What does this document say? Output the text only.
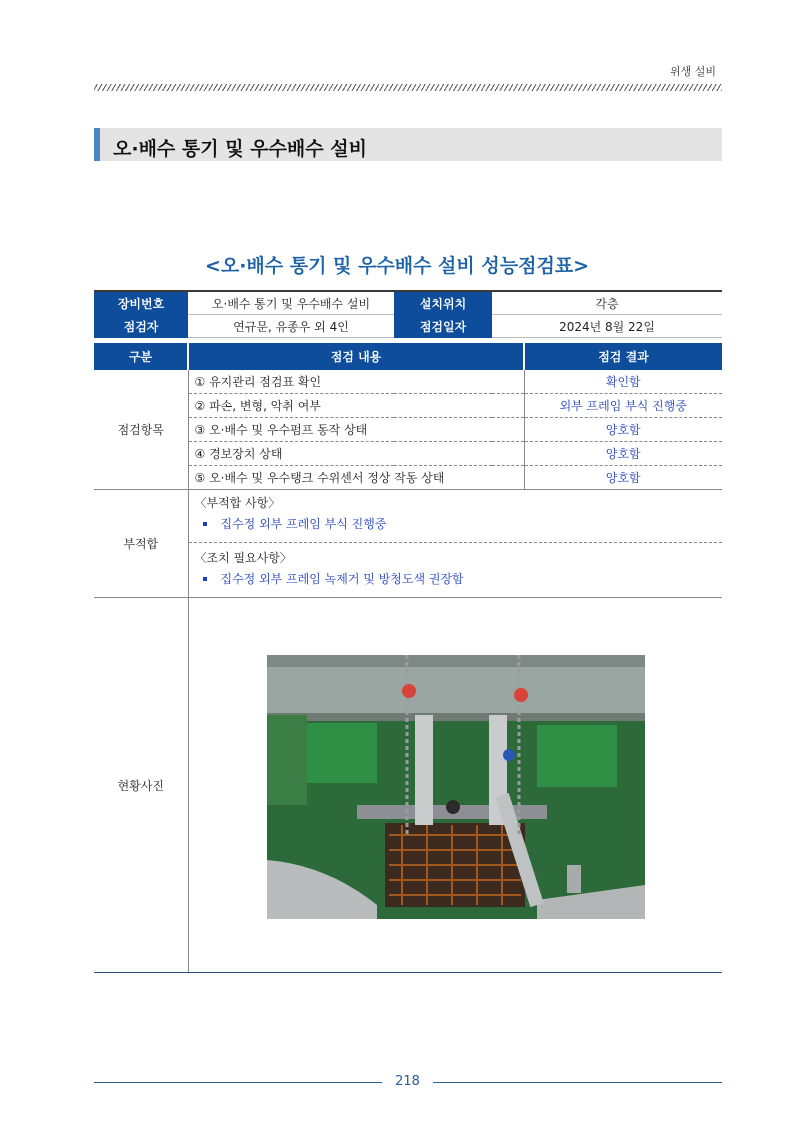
위생 설비
오·배수 통기 및 우수배수 설비
<오·배수 통기 및 우수배수 설비 성능점검표>
장비번호	오·배수 통기 및 우수배수 설비	설치위치	각층	
점검자	연규문, 유종우 외 4인	점검일자	2024년 8월 22일	

구분	점검 내용			점검 결과
점검항목	① 유지관리 점검표 확인			확인함
	② 파손, 변형, 악취 여부			외부 프레임 부식 진행중
	③ 오·배수 및 우수펌프 동작 상태			양호함
	④ 경보장치 상태			양호함
	⑤ 오·배수 및 우수탱크 수위센서 정상 작동 상태			양호함
부적합	〈부적합 사항〉
집수정 외부 프레임 부식 진행중
〈조치 필요사항〉
집수정 외부 프레임 녹제거 및 방청도색 권장함			

현황사진				
218
